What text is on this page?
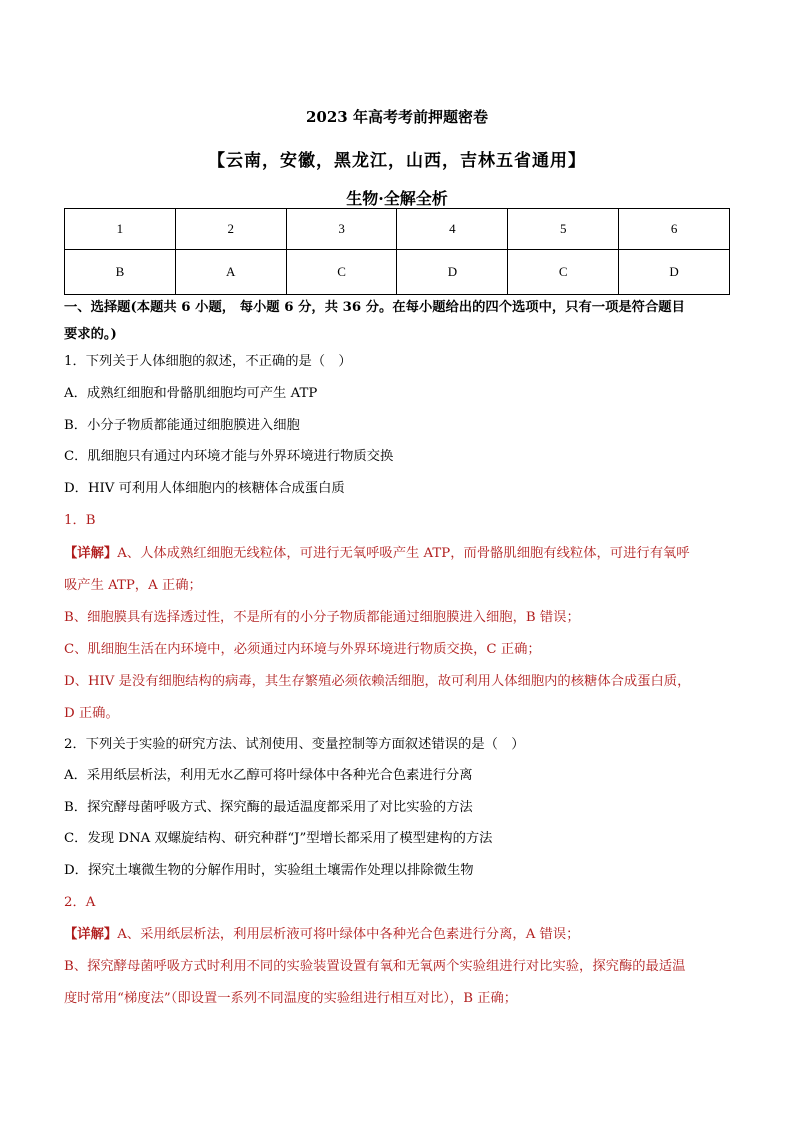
2023 年高考考前押题密卷
【云南，安徽，黑龙江，山西，吉林五省通用】
生物·全解全析
1	2	3	4	5	6
B	A	C	D	C	D
一、选择题(本题共 6 小题， 每小题 6 分，共 36 分。在每小题给出的四个选项中，只有一项是符合题目
要求的。)
1．下列关于人体细胞的叙述，不正确的是（　）
A．成熟红细胞和骨骼肌细胞均可产生 ATP
B．小分子物质都能通过细胞膜进入细胞
C．肌细胞只有通过内环境才能与外界环境进行物质交换
D．HIV 可利用人体细胞内的核糖体合成蛋白质
1．B
【详解】A、人体成熟红细胞无线粒体，可进行无氧呼吸产生 ATP，而骨骼肌细胞有线粒体，可进行有氧呼
吸产生 ATP，A 正确；
B、细胞膜具有选择透过性，不是所有的小分子物质都能通过细胞膜进入细胞，B 错误；
C、肌细胞生活在内环境中，必须通过内环境与外界环境进行物质交换，C 正确；
D、HIV 是没有细胞结构的病毒，其生存繁殖必须依赖活细胞，故可利用人体细胞内的核糖体合成蛋白质，
D 正确。
2．下列关于实验的研究方法、试剂使用、变量控制等方面叙述错误的是（　）
A．采用纸层析法，利用无水乙醇可将叶绿体中各种光合色素进行分离
B．探究酵母菌呼吸方式、探究酶的最适温度都采用了对比实验的方法
C．发现 DNA 双螺旋结构、研究种群“J”型增长都采用了模型建构的方法
D．探究土壤微生物的分解作用时，实验组土壤需作处理以排除微生物
2．A
【详解】A、采用纸层析法，利用层析液可将叶绿体中各种光合色素进行分离，A 错误；
B、探究酵母菌呼吸方式时利用不同的实验装置设置有氧和无氧两个实验组进行对比实验，探究酶的最适温
度时常用“梯度法”（即设置一系列不同温度的实验组进行相互对比），B 正确；
